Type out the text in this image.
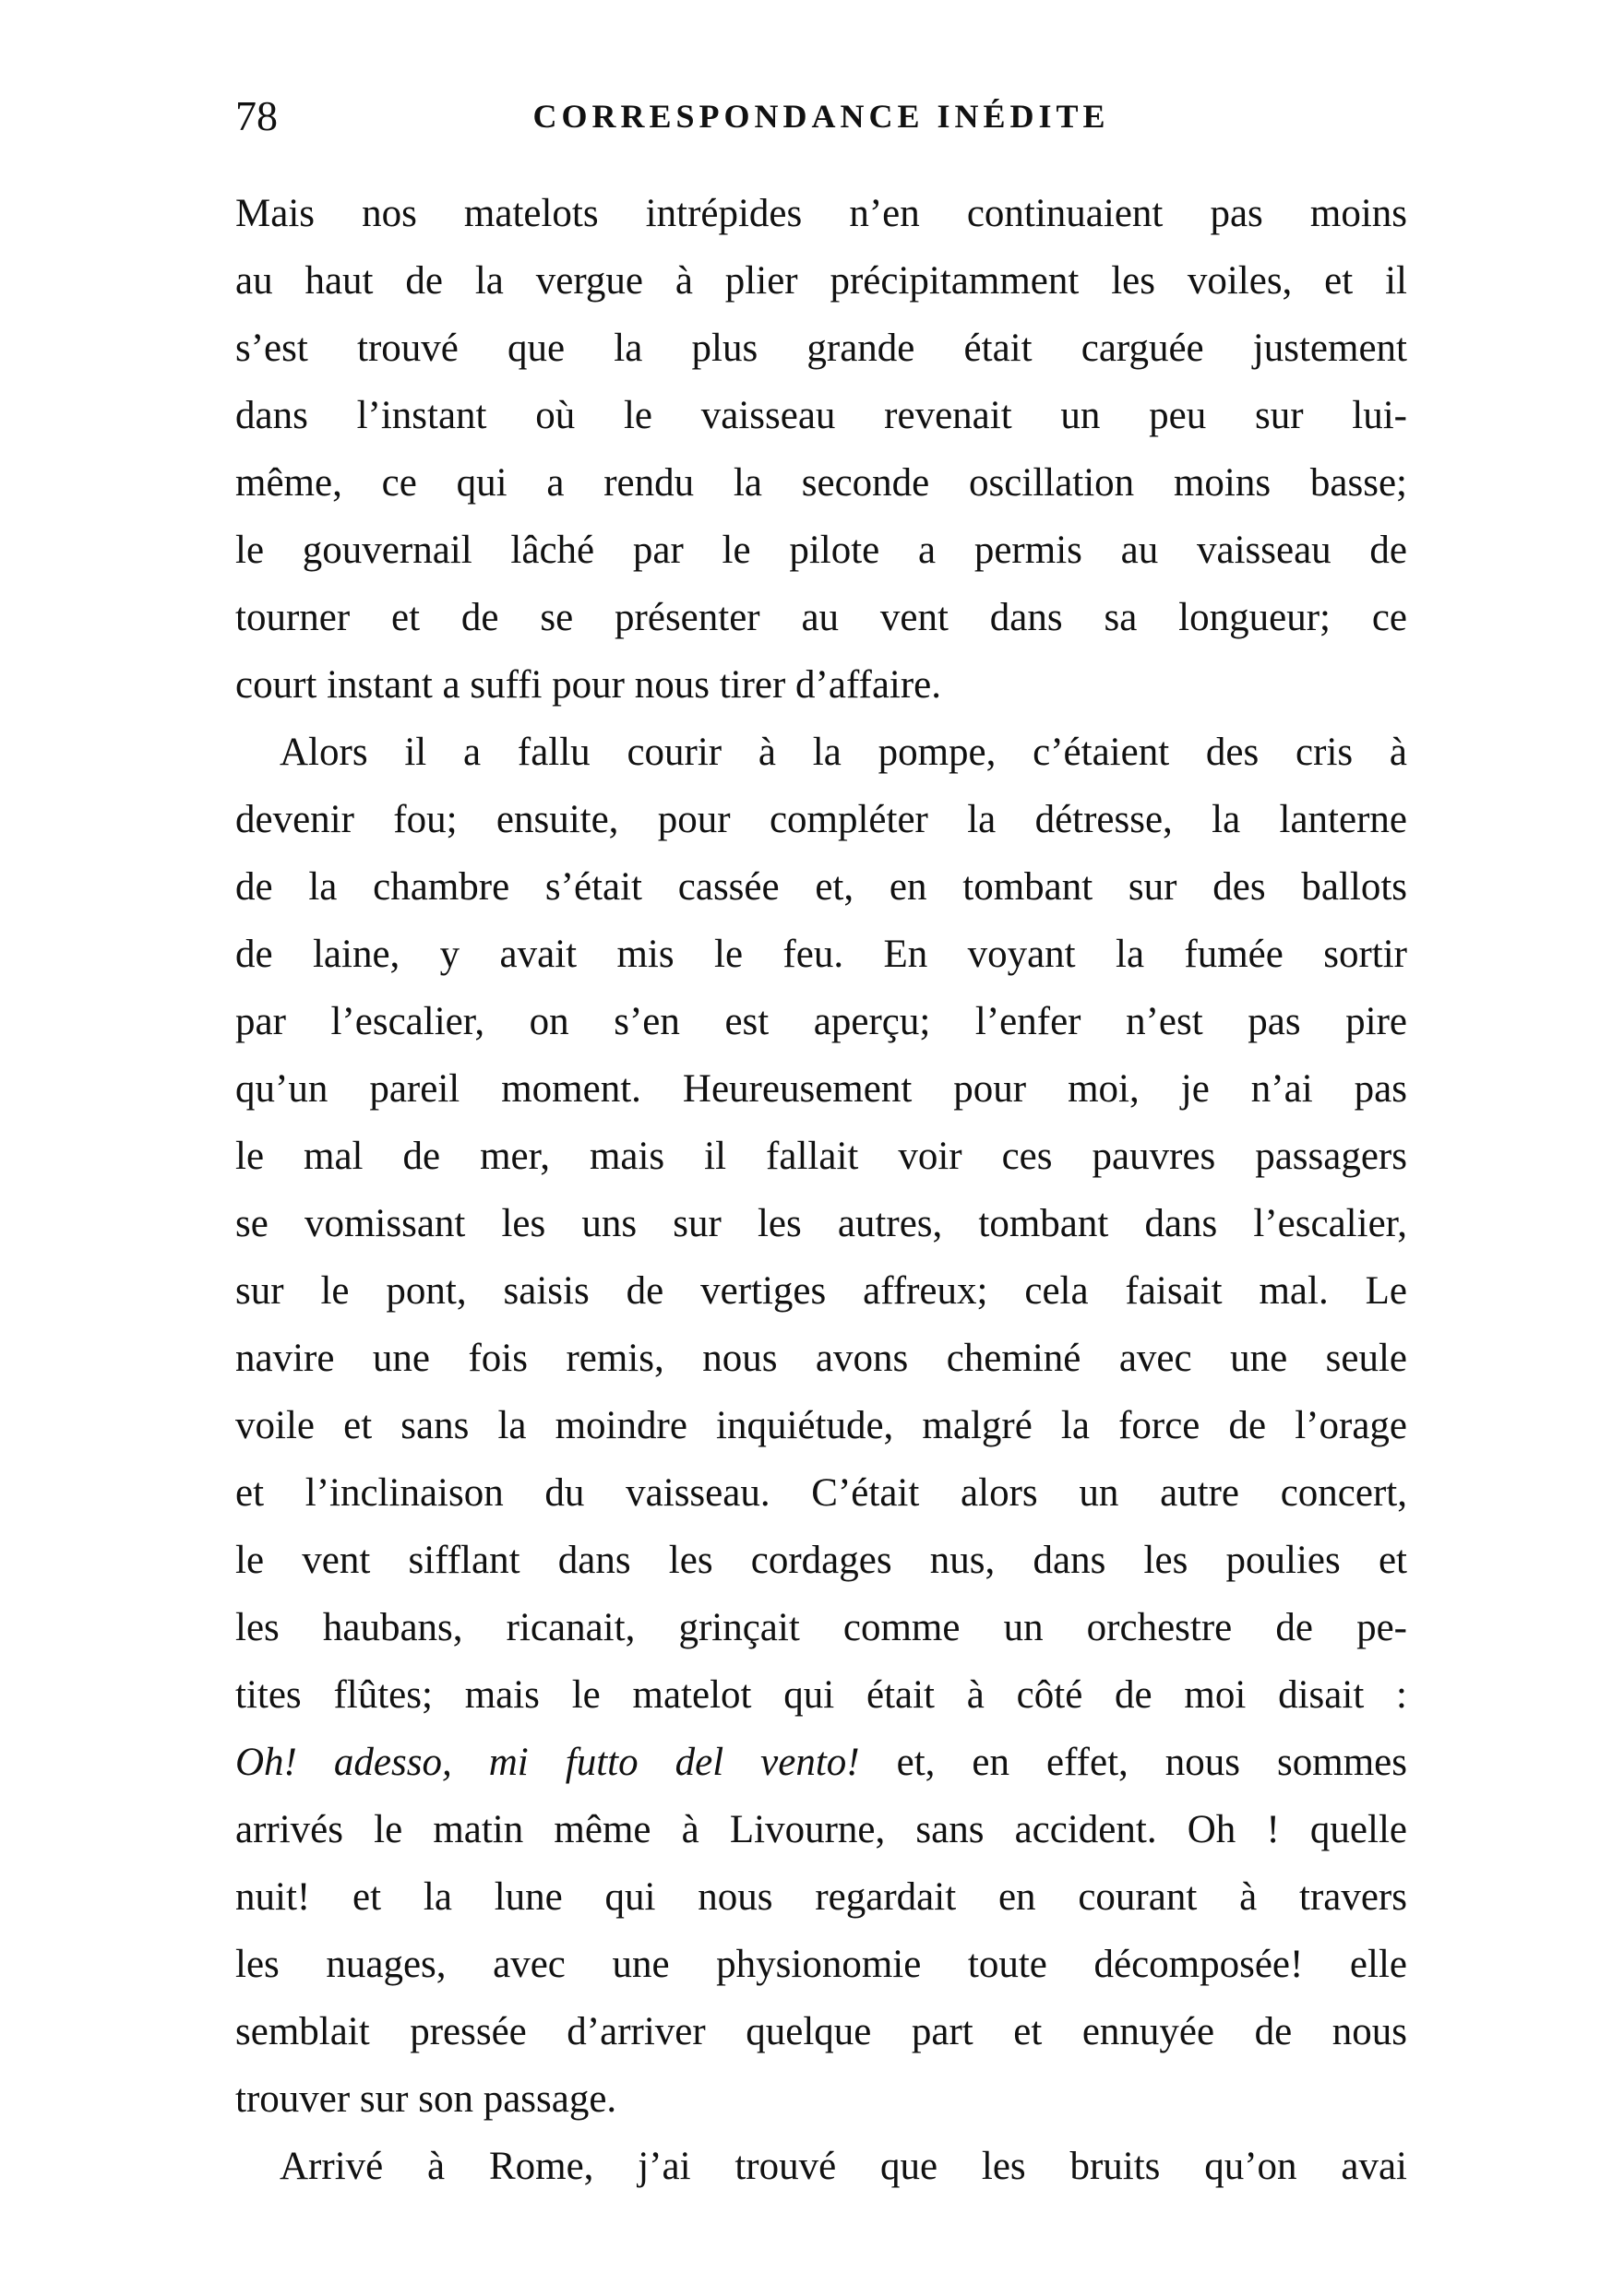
78	CORRESPONDANCE INÉDITE
Mais nos matelots intrépides n’en continuaient pas moins
au haut de la vergue à plier précipitamment les voiles, et il
s’est trouvé que la plus grande était carguée justement
dans l’instant où le vaisseau revenait un peu sur lui-
même, ce qui a rendu la seconde oscillation moins basse;
le gouvernail lâché par le pilote a permis au vaisseau de
tourner et de se présenter au vent dans sa longueur; ce
court instant a suffi pour nous tirer d’affaire.
Alors il a fallu courir à la pompe, c’étaient des cris à
devenir fou; ensuite, pour compléter la détresse, la lanterne
de la chambre s’était cassée et, en tombant sur des ballots
de laine, y avait mis le feu. En voyant la fumée sortir
par l’escalier, on s’en est aperçu; l’enfer n’est pas pire
qu’un pareil moment. Heureusement pour moi, je n’ai pas
le mal de mer, mais il fallait voir ces pauvres passagers
se vomissant les uns sur les autres, tombant dans l’escalier,
sur le pont, saisis de vertiges affreux; cela faisait mal. Le
navire une fois remis, nous avons cheminé avec une seule
voile et sans la moindre inquiétude, malgré la force de l’orage
et l’inclinaison du vaisseau. C’était alors un autre concert,
le vent sifflant dans les cordages nus, dans les poulies et
les haubans, ricanait, grinçait comme un orchestre de pe-
tites flûtes; mais le matelot qui était à côté de moi disait :
Oh! adesso, mi futto del vento! et, en effet, nous sommes
arrivés le matin même à Livourne, sans accident. Oh ! quelle
nuit! et la lune qui nous regardait en courant à travers
les nuages, avec une physionomie toute décomposée! elle
semblait pressée d’arriver quelque part et ennuyée de nous
trouver sur son passage.
Arrivé à Rome, j’ai trouvé que les bruits qu’on avai
